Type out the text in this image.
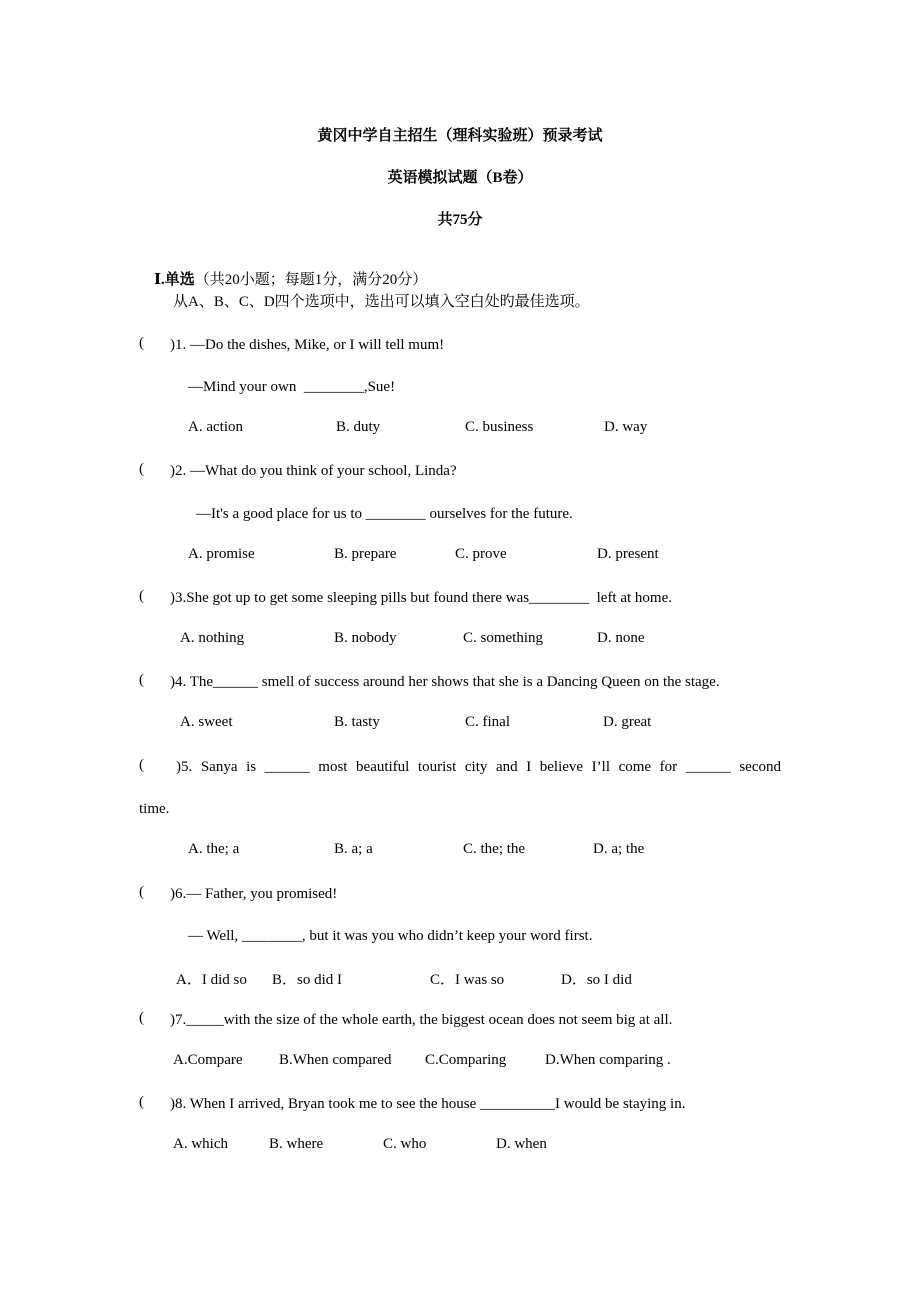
黄冈中学自主招生（理科实验班）预录考试
英语模拟试题（B卷）
共75分

Ⅰ.单选（共20小题；每题1分，满分20分）

从A、B、C、D四个选项中，选出可以填入空白处旳最佳选项。
( )1. —Do the dishes, Mike, or I will tell mum!
—Mind your own  ________,Sue!

A. action

	B. duty

	C. business

	D. way

( )2. —What do you think of your school, Linda?
—It's a good place for us to ________ ourselves for the future.

A. promise

	B. prepare

	C. prove

	D. present

( )3.She got up to get some sleeping pills but found there was________  left at home.

A. nothing

	B. nobody

	C. something

	D. none

( )4. The______ smell of success around her shows that she is a Dancing Queen on the stage.

A. sweet

	B. tasty

	C. final

	D. great

( )5. Sanya is ______ most beautiful tourist city and I believe I’ll come for ______ second
time.

A. the; a

	B. a; a

	C. the; the

	D. a; the

( )6.— Father, you promised!
— Well, ________, but it was you who didn’t keep your word first.

A．I did so

B．so did I

	C．I was so

	D．so I did

( )7._____with the size of the whole earth, the biggest ocean does not seem big at all.

A.Compare

B.When compared

C.Comparing

	D.When comparing .

( )8. When I arrived, Bryan took me to see the house __________I would be staying in.

A. which

	B. where

	C. who

	D. when
